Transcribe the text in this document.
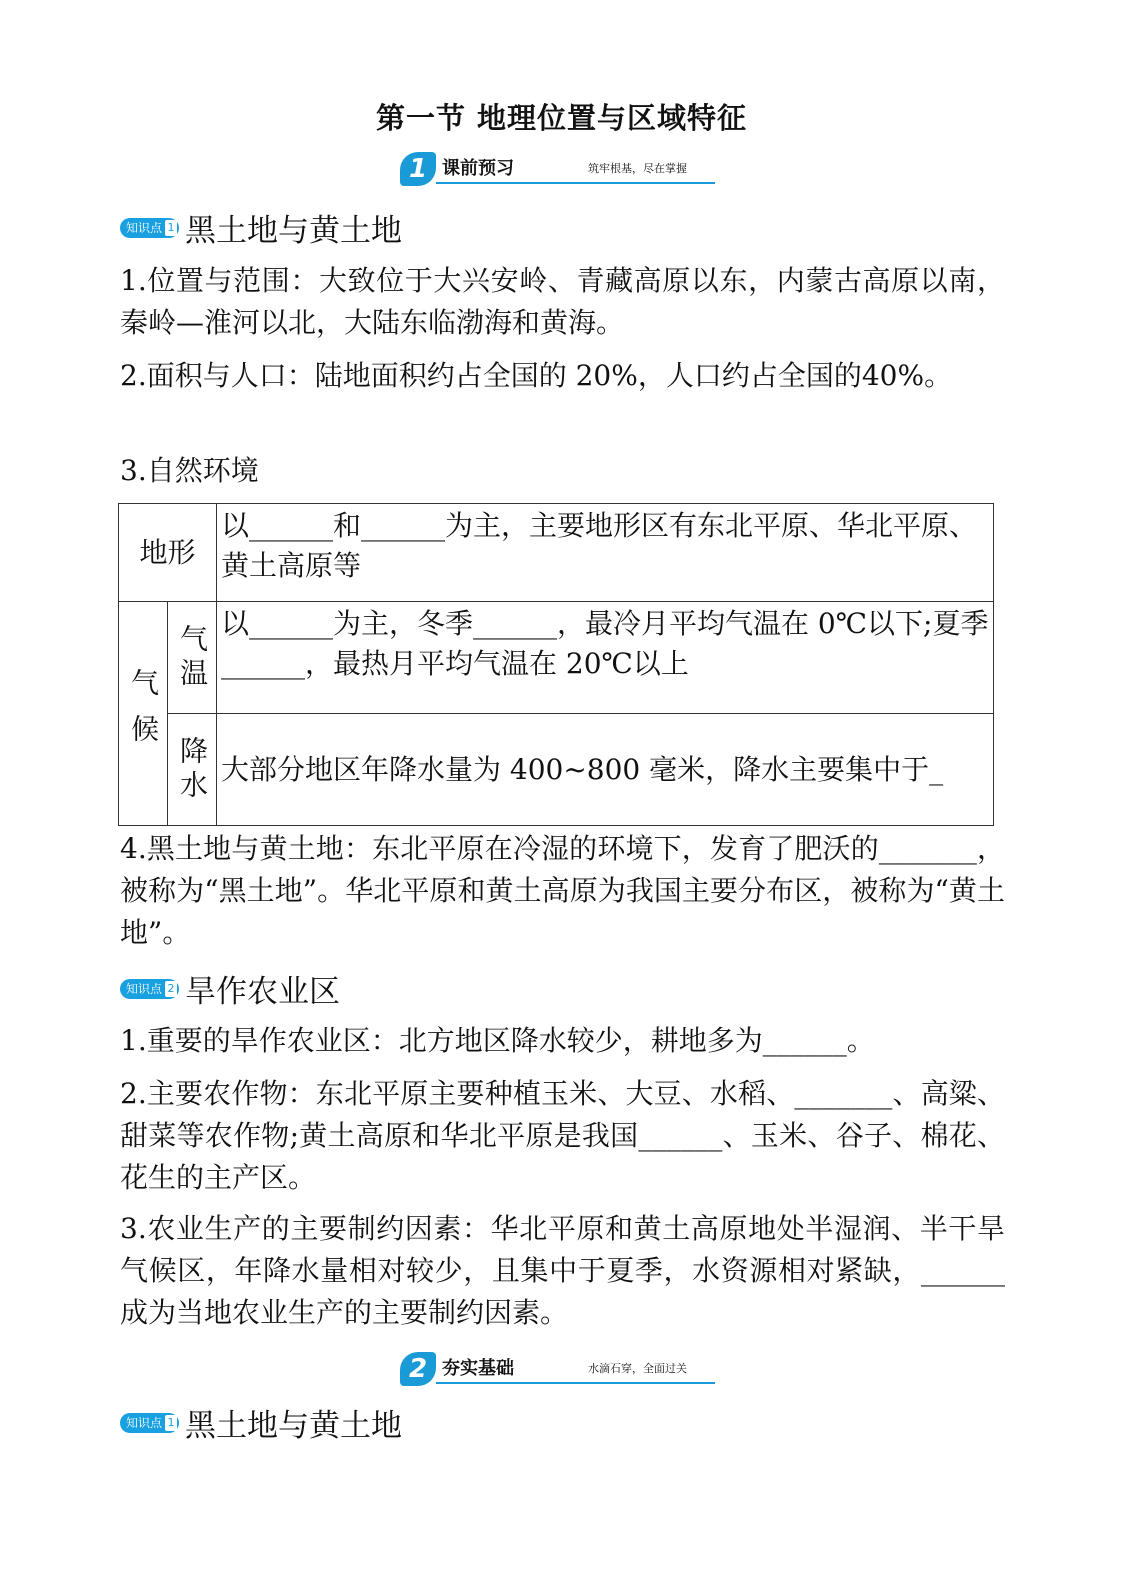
第一节 地理位置与区域特征
1 课前预习	筑牢根基，尽在掌握
知识点 1 黑土地与黄土地
1.位置与范围：大致位于大兴安岭、青藏高原以东，内蒙古高原以南，秦岭—淮河以北，大陆东临渤海和黄海。
2.面积与人口：陆地面积约占全国的 20%，人口约占全国的40%。
3.自然环境
地形		以______和______为主，主要地形区有东北平原、华北平原、黄土高原等
气候	气温	以______为主，冬季______，最冷月平均气温在 0℃以下;夏季______，最热月平均气温在 20℃以上
	降水	大部分地区年降水量为 400~800 毫米，降水主要集中于_
4.黑土地与黄土地：东北平原在冷湿的环境下，发育了肥沃的_______，被称为“黑土地”。华北平原和黄土高原为我国主要分布区，被称为“黄土地”。
知识点 2 旱作农业区
1.重要的旱作农业区：北方地区降水较少，耕地多为______。
2.主要农作物：东北平原主要种植玉米、大豆、水稻、_______、高粱、甜菜等农作物;黄土高原和华北平原是我国______、玉米、谷子、棉花、花生的主产区。
3.农业生产的主要制约因素：华北平原和黄土高原地处半湿润、半干旱气候区，年降水量相对较少，且集中于夏季，水资源相对紧缺，______成为当地农业生产的主要制约因素。
2 夯实基础	水滴石穿，全面过关
知识点 1 黑土地与黄土地
